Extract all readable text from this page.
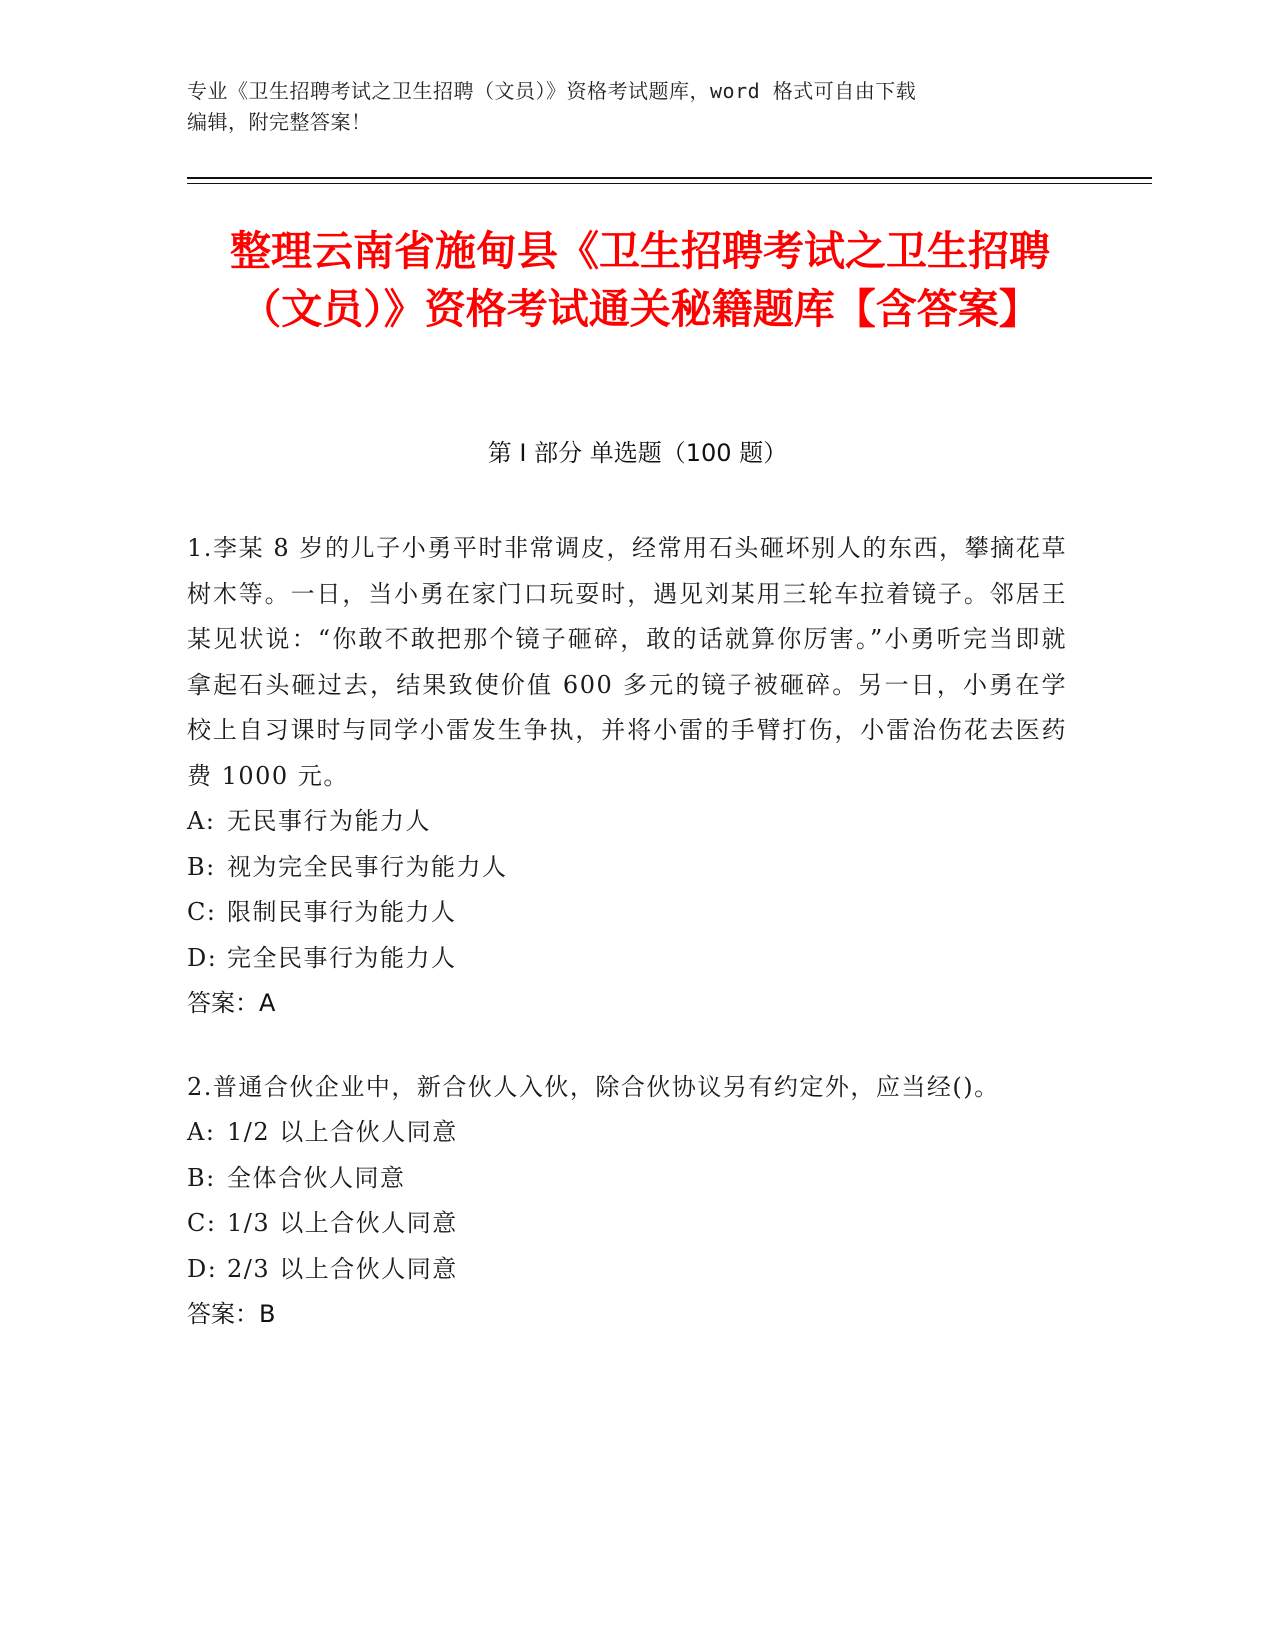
专业《卫生招聘考试之卫生招聘（文员）》资格考试题库，word 格式可自由下载
编辑，附完整答案！
整理云南省施甸县《卫生招聘考试之卫生招聘（文员）》资格考试通关秘籍题库【含答案】
第 I 部分 单选题（100 题）
1.李某 8 岁的儿子小勇平时非常调皮，经常用石头砸坏别人的东西，攀摘花草树木等。一日，当小勇在家门口玩耍时，遇见刘某用三轮车拉着镜子。邻居王某见状说：“你敢不敢把那个镜子砸碎，敢的话就算你厉害。”小勇听完当即就拿起石头砸过去，结果致使价值 600 多元的镜子被砸碎。另一日，小勇在学校上自习课时与同学小雷发生争执，并将小雷的手臂打伤，小雷治伤花去医药费 1000 元。
A: 无民事行为能力人
B: 视为完全民事行为能力人
C: 限制民事行为能力人
D: 完全民事行为能力人
答案：A
2.普通合伙企业中，新合伙人入伙，除合伙协议另有约定外，应当经()。
A: 1/2 以上合伙人同意
B: 全体合伙人同意
C: 1/3 以上合伙人同意
D: 2/3 以上合伙人同意
答案：B
